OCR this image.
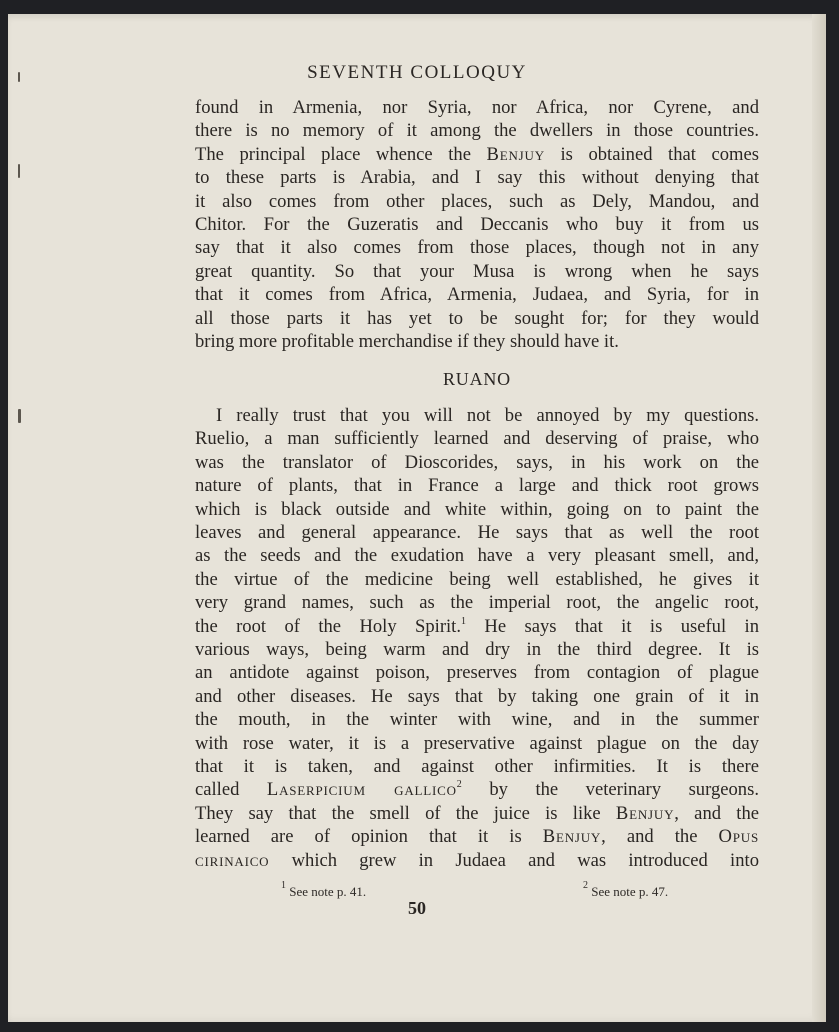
SEVENTH COLLOQUY
found in Armenia, nor Syria, nor Africa, nor Cyrene, and
there is no memory of it among the dwellers in those countries.
The principal place whence the Benjuy is obtained that comes
to these parts is Arabia, and I say this without denying that
it also comes from other places, such as Dely, Mandou, and
Chitor. For the Guzeratis and Deccanis who buy it from us
say that it also comes from those places, though not in any
great quantity. So that your Musa is wrong when he says
that it comes from Africa, Armenia, Judaea, and Syria, for in
all those parts it has yet to be sought for; for they would
bring more profitable merchandise if they should have it.
RUANO
I really trust that you will not be annoyed by my questions.
Ruelio, a man sufficiently learned and deserving of praise, who
was the translator of Dioscorides, says, in his work on the
nature of plants, that in France a large and thick root grows
which is black outside and white within, going on to paint the
leaves and general appearance. He says that as well the root
as the seeds and the exudation have a very pleasant smell, and,
the virtue of the medicine being well established, he gives it
very grand names, such as the imperial root, the angelic root,
the root of the Holy Spirit.$^1$ He says that it is useful in
various ways, being warm and dry in the third degree. It is
an antidote against poison, preserves from contagion of plague
and other diseases. He says that by taking one grain of it in
the mouth, in the winter with wine, and in the summer
with rose water, it is a preservative against plague on the day
that it is taken, and against other infirmities. It is there
called Laserpicium gallico$^2$ by the veterinary surgeons.
They say that the smell of the juice is like Benjuy, and the
learned are of opinion that it is Benjuy, and the Opus
cirinaico which grew in Judaea and was introduced into
$^1$ See note p. 41.	$^2$ See note p. 47.
50
